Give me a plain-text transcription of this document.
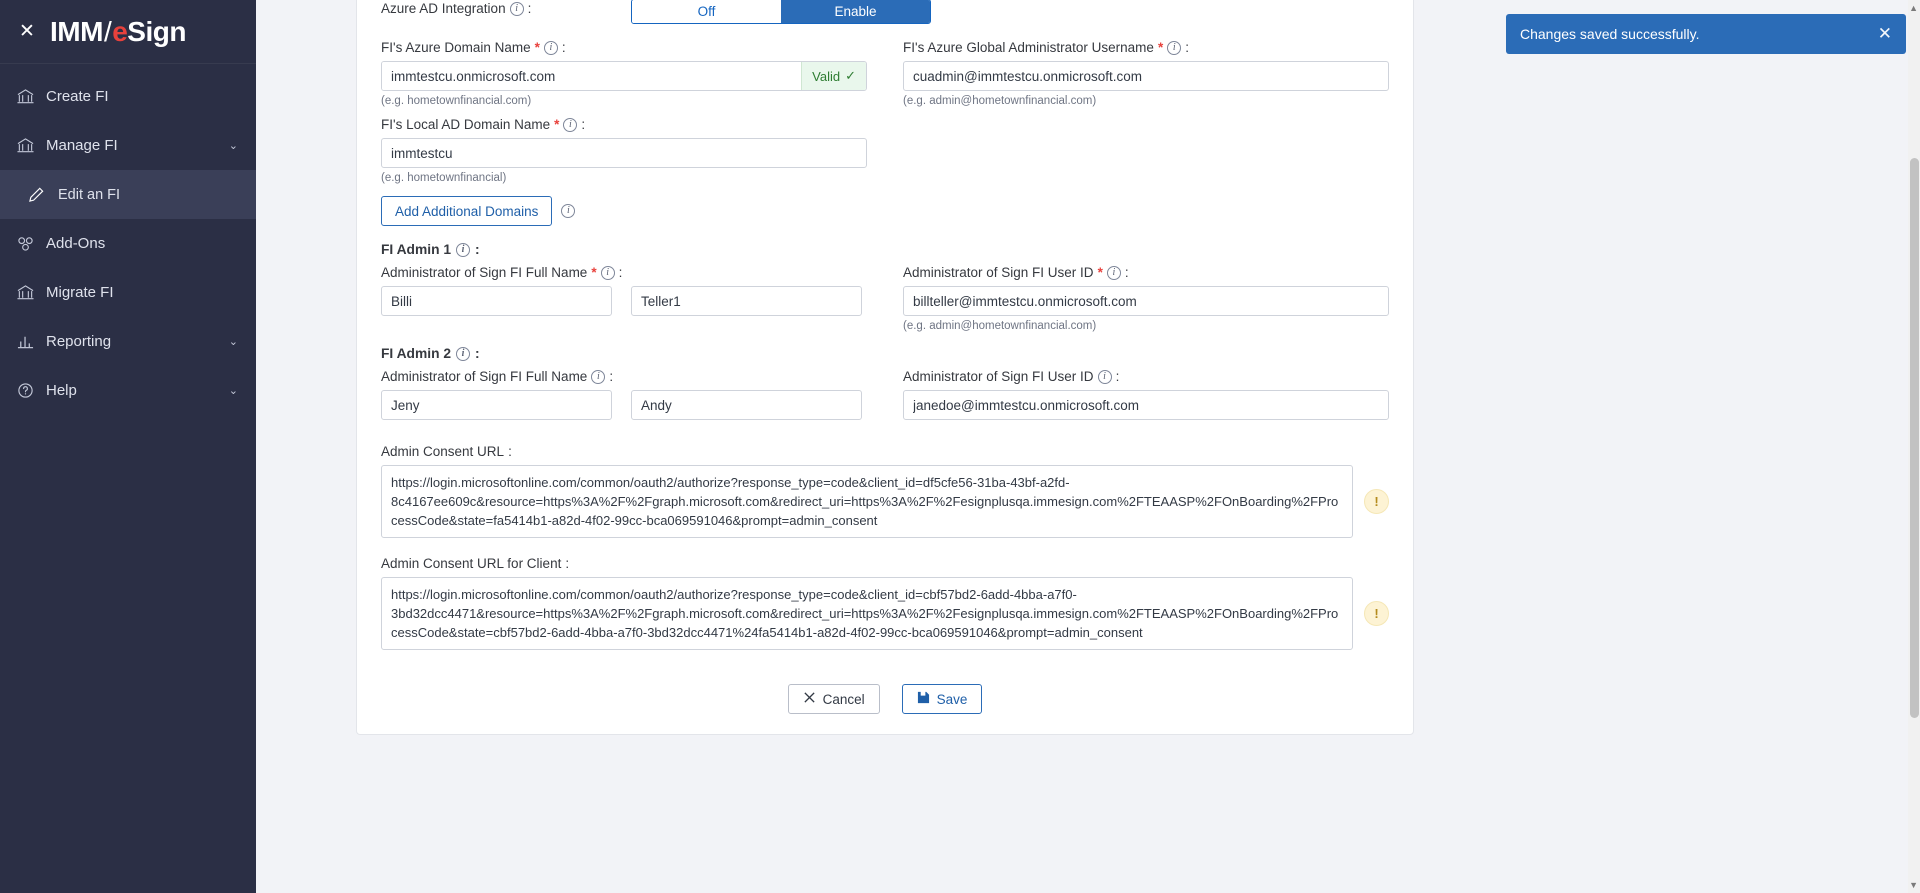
✕ IMM / e Sign
Create FI
Manage FI	⌄
Edit an FI
Add-Ons
Migrate FI
Reporting	⌄
Help	⌄
Azure AD Integration i :	Off	Enable
FI's Azure Domain Name * i :
immtestcu.onmicrosoft.com
Valid ✓
(e.g. hometownfinancial.com)
FI's Azure Global Administrator Username * i :
cuadmin@immtestcu.onmicrosoft.com
(e.g. admin@hometownfinancial.com)
FI's Local AD Domain Name * i :
immtestcu
(e.g. hometownfinancial)
Add Additional Domains	i
FI Admin 1	i :
Administrator of Sign FI Full Name * i :
Billi
Teller1	Administrator of Sign FI User ID * i :
billteller@immtestcu.onmicrosoft.com
(e.g. admin@hometownfinancial.com)
FI Admin 2	i :
Administrator of Sign FI Full Name i :
Jeny
Andy	Administrator of Sign FI User ID i :
janedoe@immtestcu.onmicrosoft.com
Admin Consent URL :
https://login.microsoftonline.com/common/oauth2/authorize?response_type=code&client_id=df5cfe56-31ba-43bf-a2fd-8c4167ee609c&resource=https%3A%2F%2Fgraph.microsoft.com&redirect_uri=https%3A%2F%2Fesignplusqa.immesign.com%2FTEAASP%2FOnBoarding%2FProcessCode&state=fa5414b1-a82d-4f02-99cc-bca069591046&prompt=admin_consent
!
Admin Consent URL for Client :
https://login.microsoftonline.com/common/oauth2/authorize?response_type=code&client_id=cbf57bd2-6add-4bba-a7f0-3bd32dcc4471&resource=https%3A%2F%2Fgraph.microsoft.com&redirect_uri=https%3A%2F%2Fesignplusqa.immesign.com%2FTEAASP%2FOnBoarding%2FProcessCode&state=cbf57bd2-6add-4bba-a7f0-3bd32dcc4471%24fa5414b1-a82d-4f02-99cc-bca069591046&prompt=admin_consent
!
Cancel	Save
Changes saved successfully.	✕
▲
▼
